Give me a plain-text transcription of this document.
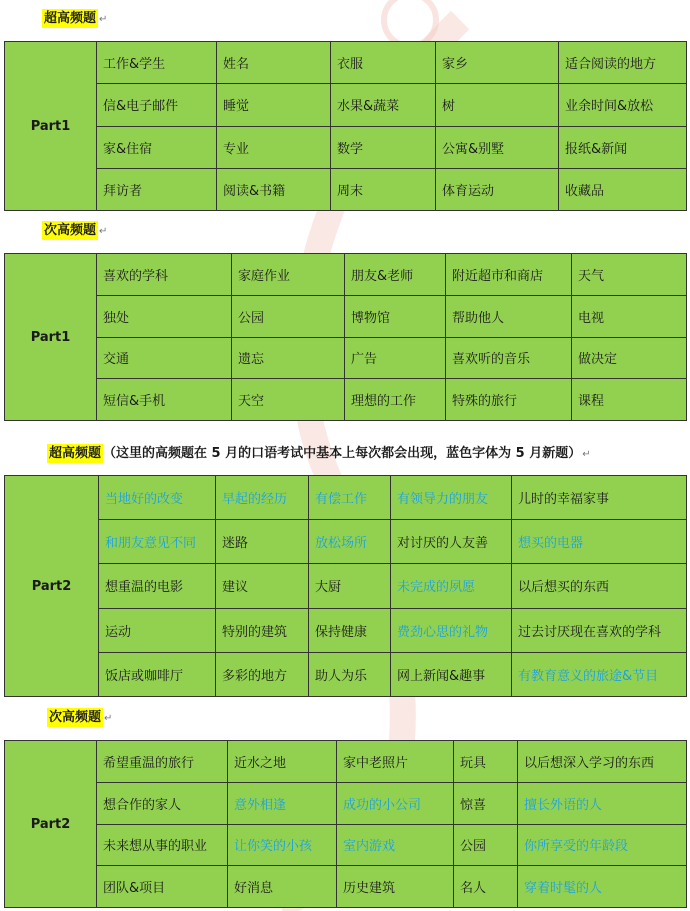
超高频题 ↵
Part1	工作&学生	姓名	衣服	家乡	适合阅读的地方
	信&电子邮件	睡觉	水果&蔬菜	树	业余时间&放松
	家&住宿	专业	数学	公寓&别墅	报纸&新闻
	拜访者	阅读&书籍	周末	体育运动	收藏品
次高频题 ↵
Part1	喜欢的学科	家庭作业	朋友&老师	附近超市和商店	天气
	独处	公园	博物馆	帮助他人	电视
	交通	遗忘	广告	喜欢听的音乐	做决定
	短信&手机	天空	理想的工作	特殊的旅行	课程
超高频题 （这里的高频题在 5 月的口语考试中基本上每次都会出现，蓝色字体为 5 月新题）↵
Part2	当地好的改变	早起的经历	有偿工作	有领导力的朋友	儿时的幸福家事
	和朋友意见不同	迷路	放松场所	对讨厌的人友善	想买的电器
	想重温的电影	建议	大厨	未完成的夙愿	以后想买的东西
	运动	特别的建筑	保持健康	费劲心思的礼物	过去讨厌现在喜欢的学科
	饭店或咖啡厅	多彩的地方	助人为乐	网上新闻&趣事	有教育意义的旅途&节目
次高频题 ↵
Part2	希望重温的旅行	近水之地	家中老照片	玩具	以后想深入学习的东西
	想合作的家人	意外相逢	成功的小公司	惊喜	擅长外语的人
	未来想从事的职业	让你笑的小孩	室内游戏	公园	你所享受的年龄段
	团队&项目	好消息	历史建筑	名人	穿着时髦的人
